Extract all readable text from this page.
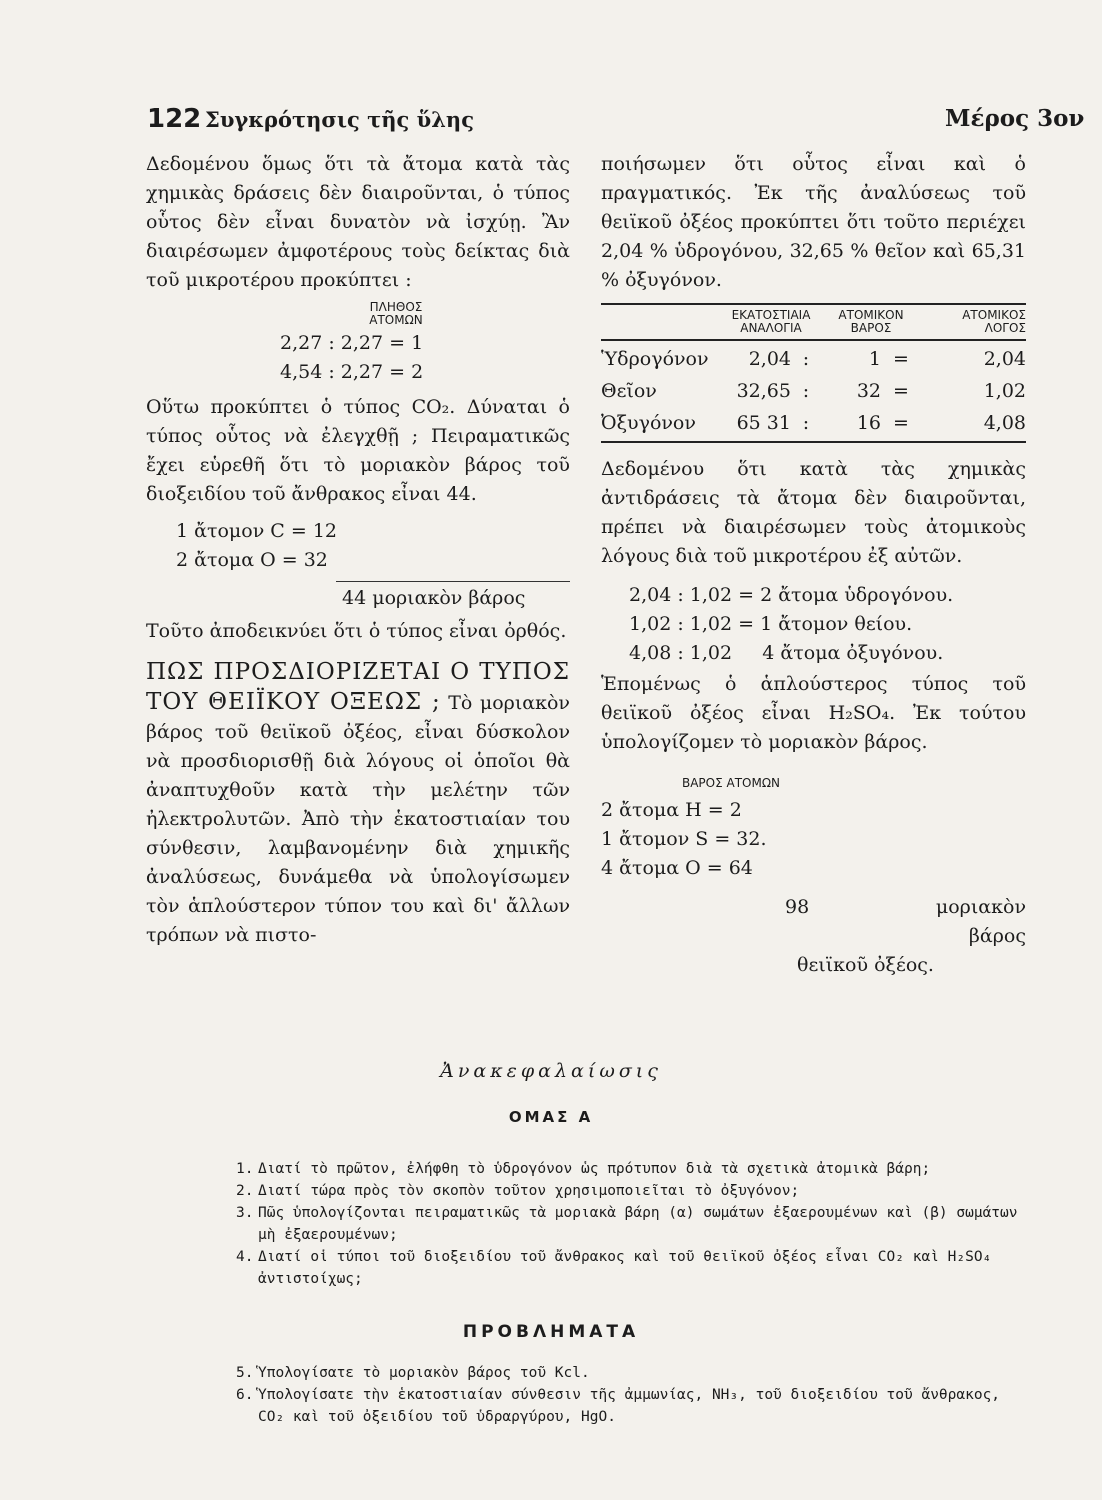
122 Συγκρότησις τῆς ὕλης	Μέρος 3ον

Δεδομένου ὅμως ὅτι τὰ ἄτομα κατὰ τὰς χημικὰς δράσεις δὲν διαιροῦνται, ὁ τύπος οὗτος δὲν εἶναι δυνατὸν νὰ ἰσχύῃ. Ἂν διαιρέσωμεν ἀμφοτέρους τοὺς δείκτας διὰ τοῦ μικροτέρου προκύπτει :

ΠΛΗΘΟΣ
ΑΤΟΜΩΝ

2,27 : 2,27 = 1

4,54 : 2,27 = 2

Οὕτω προκύπτει ὁ τύπος CO₂. Δύναται ὁ τύπος οὗτος νὰ ἐλεγχθῇ ; Πειραματικῶς ἔχει εὑρεθῆ ὅτι τὸ μοριακὸν βάρος τοῦ διοξειδίου τοῦ ἄνθρακος εἶναι 44.

1 ἄτομον C = 12

2 ἄτομα O = 32

44 μοριακὸν βάρος

Τοῦτο ἀποδεικνύει ὅτι ὁ τύπος εἶναι ὀρθός.

ΠΩΣ ΠΡΟΣΔΙΟΡΙΖΕΤΑΙ Ο ΤΥΠΟΣ ΤΟΥ ΘΕΙΪΚΟΥ ΟΞΕΩΣ ; Τὸ μοριακὸν βάρος τοῦ θειϊκοῦ ὀξέος, εἶναι δύσκολον νὰ προσδιορισθῇ διὰ λόγους οἱ ὁποῖοι θὰ ἀναπτυχθοῦν κατὰ τὴν μελέτην τῶν ἠλεκτρολυτῶν. Ἀπὸ τὴν ἑκατοστιαίαν του σύνθεσιν, λαμβανομένην διὰ χημικῆς ἀναλύσεως, δυνάμεθα νὰ ὑπολογίσωμεν τὸν ἁπλούστερον τύπον του καὶ δι' ἄλλων τρόπων νὰ πιστο-

ποιήσωμεν ὅτι οὗτος εἶναι καὶ ὁ πραγματικός. Ἐκ τῆς ἀναλύσεως τοῦ θειϊκοῦ ὀξέος προκύπτει ὅτι τοῦτο περιέχει 2,04 % ὑδρογόνου, 32,65 % θεῖον καὶ 65,31 % ὀξυγόνον.

	ΕΚΑΤΟΣΤΙΑΙΑ ΑΝΑΛΟΓΙΑ		ΑΤΟΜΙΚΟΝ ΒΑΡΟΣ		ΑΤΟΜΙΚΟΣ ΛΟΓΟΣ

Ὑδρογόνον	2,04	:	1	=	2,04
Θεῖον	32,65	:	32	=	1,02
Ὀξυγόνον	65 31	:	16	=	4,08

Δεδομένου ὅτι κατὰ τὰς χημικὰς ἀντιδράσεις τὰ ἄτομα δὲν διαιροῦνται, πρέπει νὰ διαιρέσωμεν τοὺς ἀτομικοὺς λόγους διὰ τοῦ μικροτέρου ἐξ αὐτῶν.

2,04 : 1,02 = 2 ἄτομα ὑδρογόνου.

1,02 : 1,02 = 1 ἄτομον θείου.

4,08 : 1,02     4 ἄτομα ὀξυγόνου.

Ἑπομένως ὁ ἁπλούστερος τύπος τοῦ θειϊκοῦ ὀξέος εἶναι H₂SO₄. Ἐκ τούτου ὑπολογίζομεν τὸ μοριακὸν βάρος.

ΒΑΡΟΣ ΑΤΟΜΩΝ

2 ἄτομα H = 2

1 ἄτομον S = 32.

4 ἄτομα O = 64

98	μοριακὸν βάρος

θειϊκοῦ ὀξέος.

Ἀνακεφαλαίωσις
ΟΜΑΣ Α
1. Διατί τὸ πρῶτον, ἐλήφθη τὸ ὑδρογόνον ὡς πρότυπον διὰ τὰ σχετικὰ ἀτομικὰ βάρη;
2. Διατί τώρα πρὸς τὸν σκοπὸν τοῦτον χρησιμοποιεῖται τὸ ὀξυγόνον;
3. Πῶς ὑπολογίζονται πειραματικῶς τὰ μοριακὰ βάρη (α) σωμάτων ἐξαερουμένων καὶ (β) σωμάτων μὴ ἐξαερουμένων;
4. Διατί οἱ τύποι τοῦ διοξειδίου τοῦ ἄνθρακος καὶ τοῦ θειϊκοῦ ὀξέος εἶναι CO₂ καὶ H₂SO₄ ἀντιστοίχως;
ΠΡΟΒΛΗΜΑΤΑ
5. Ὑπολογίσατε τὸ μοριακὸν βάρος τοῦ Kcl.
6. Ὑπολογίσατε τὴν ἑκατοστιαίαν σύνθεσιν τῆς ἀμμωνίας, NH₃, τοῦ διοξειδίου τοῦ ἄνθρακος, CO₂ καὶ τοῦ ὀξειδίου τοῦ ὑδραργύρου, HgO.
